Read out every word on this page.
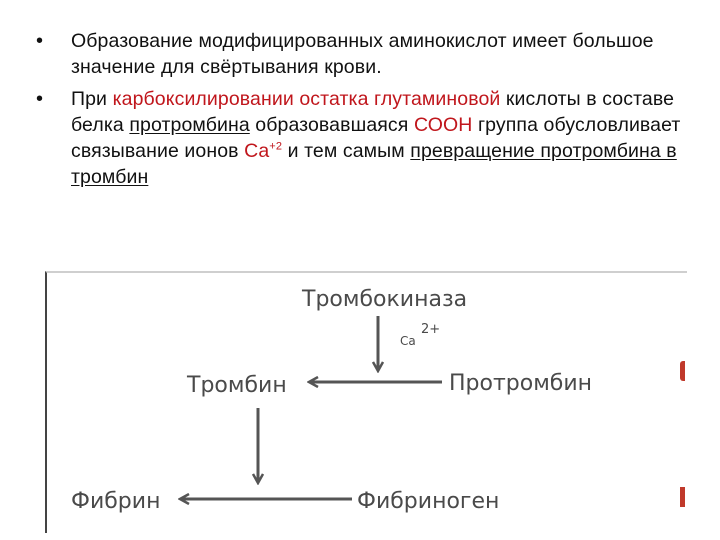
• Образование модифицированных аминокислот имеет большое значение для свёртывания крови.
• При карбоксилировании остатка глутаминовой кислоты в составе белка протромбина образовавшаяся СООН группа обусловливает связывание ионов $Ca^{+2}$ и тем самым превращение протромбина в тромбин
Тромбокиназа
Ca
2+
Тромбин	Протромбин
Фибрин	Фибриноген
